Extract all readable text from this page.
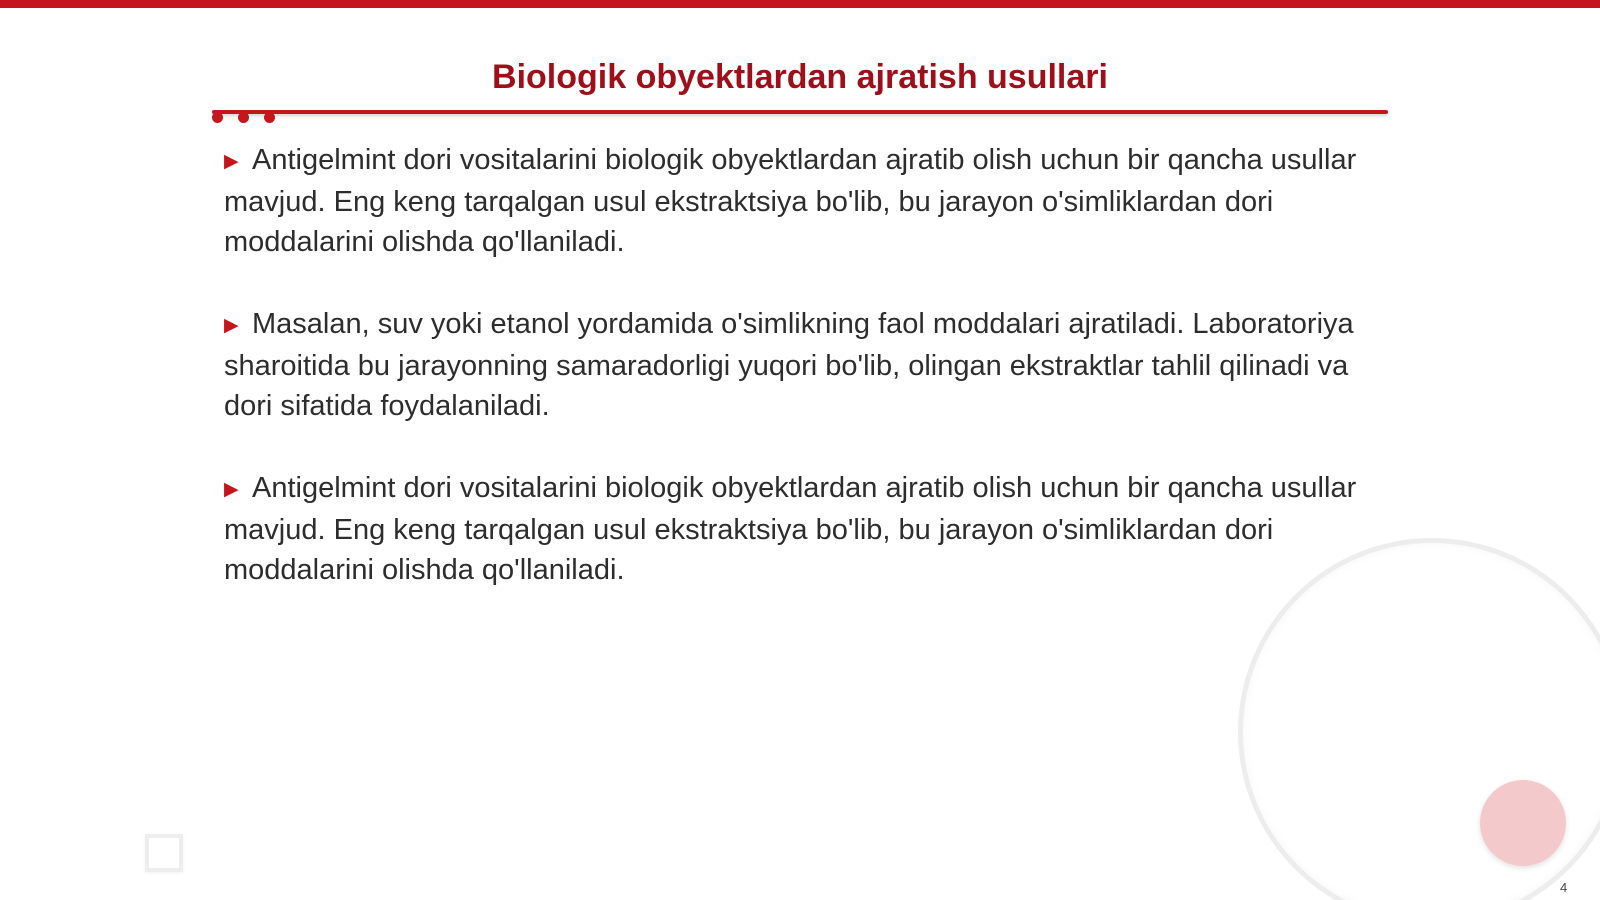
Biologik obyektlardan ajratish usullari

▶ Antigelmint dori vositalarini biologik obyektlardan ajratib olish uchun bir qancha usullar mavjud. Eng keng tarqalgan usul ekstraktsiya bo'lib, bu jarayon o'simliklardan dori moddalarini olishda qo'llaniladi.

▶ Masalan, suv yoki etanol yordamida o'simlikning faol moddalari ajratiladi. Laboratoriya sharoitida bu jarayonning samaradorligi yuqori bo'lib, olingan ekstraktlar tahlil qilinadi va dori sifatida foydalaniladi.

▶ Antigelmint dori vositalarini biologik obyektlardan ajratib olish uchun bir qancha usullar mavjud. Eng keng tarqalgan usul ekstraktsiya bo'lib, bu jarayon o'simliklardan dori moddalarini olishda qo'llaniladi.

4
